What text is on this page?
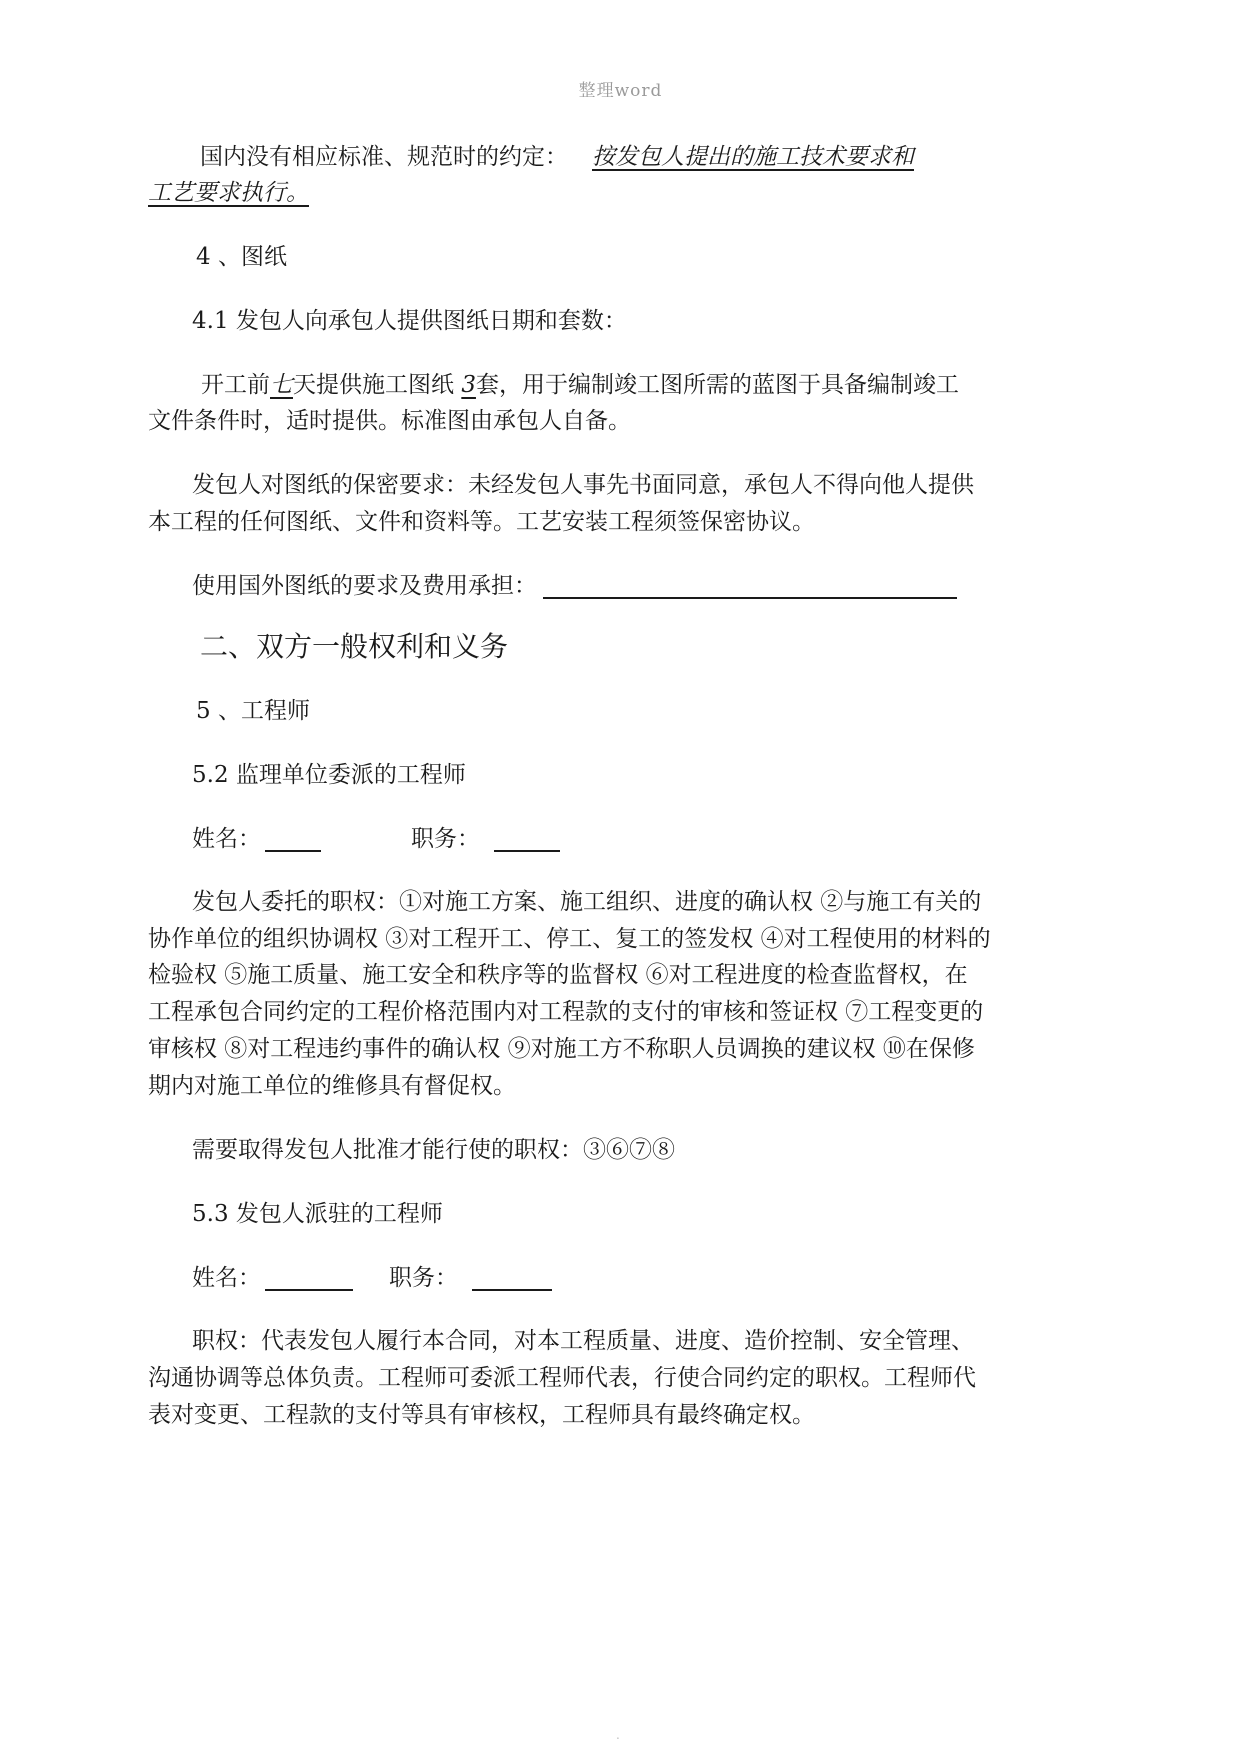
整理word
国内没有相应标准、规范时的约定： 按发包人提出的施工技术要求和
工艺要求执行。
4 、图纸
4.1 发包人向承包人提供图纸日期和套数：
开工前七天提供施工图纸 3套，用于编制竣工图所需的蓝图于具备编制竣工
文件条件时，适时提供。标准图由承包人自备。
发包人对图纸的保密要求：未经发包人事先书面同意，承包人不得向他人提供
本工程的任何图纸、文件和资料等。工艺安装工程须签保密协议。
使用国外图纸的要求及费用承担：
二、双方一般权利和义务
5 、工程师
5.2 监理单位委派的工程师
姓名：	职务：
发包人委托的职权：①对施工方案、施工组织、进度的确认权 ②与施工有关的
协作单位的组织协调权 ③对工程开工、停工、复工的签发权 ④对工程使用的材料的
检验权 ⑤施工质量、施工安全和秩序等的监督权 ⑥对工程进度的检查监督权，在
工程承包合同约定的工程价格范围内对工程款的支付的审核和签证权 ⑦工程变更的
审核权 ⑧对工程违约事件的确认权 ⑨对施工方不称职人员调换的建议权 ⑩在保修
期内对施工单位的维修具有督促权。
需要取得发包人批准才能行使的职权：③⑥⑦⑧
5.3 发包人派驻的工程师
姓名：	职务：
职权：代表发包人履行本合同，对本工程质量、进度、造价控制、安全管理、
沟通协调等总体负责。工程师可委派工程师代表，行使合同约定的职权。工程师代
表对变更、工程款的支付等具有审核权，工程师具有最终确定权。
.
